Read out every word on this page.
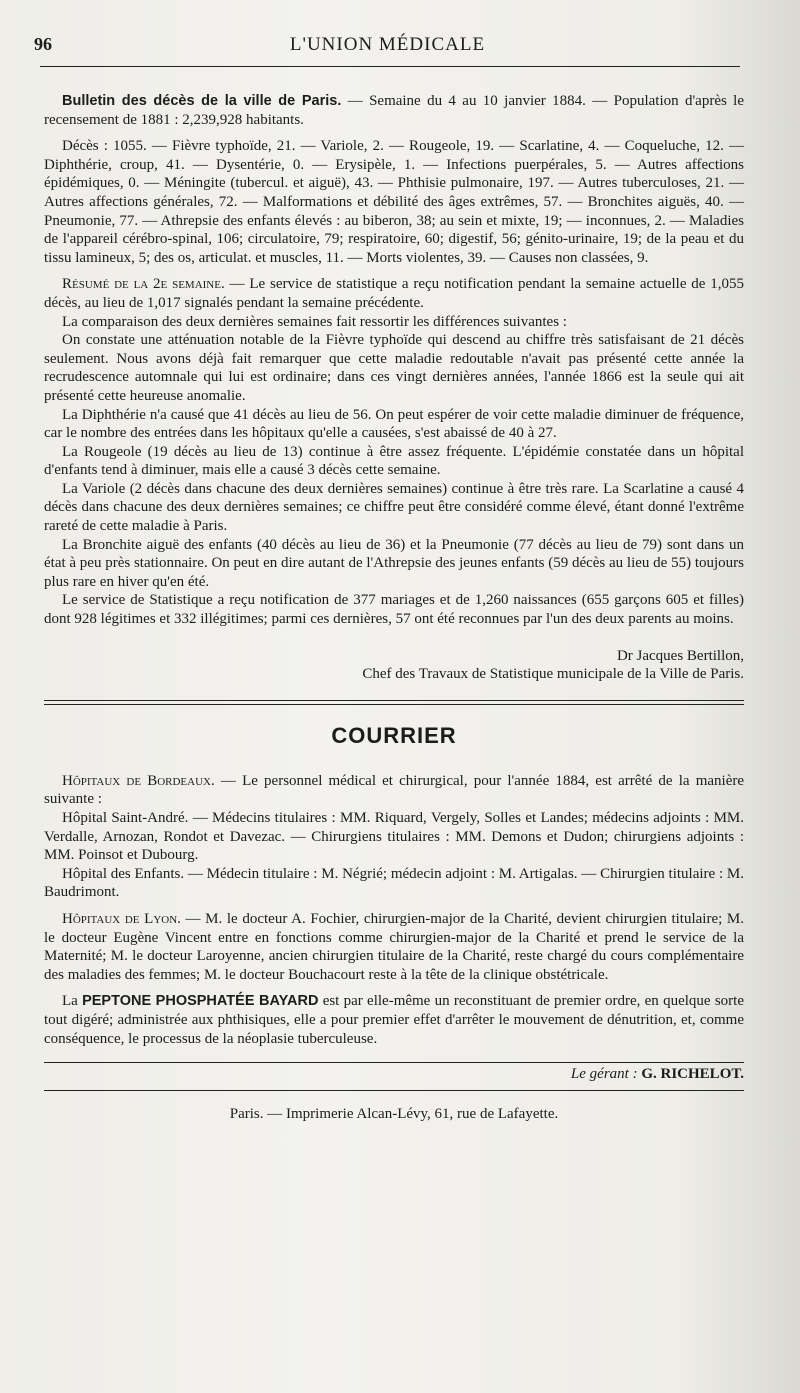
96	L'UNION MÉDICALE

Bulletin des décès de la ville de Paris. — Semaine du 4 au 10 janvier 1884. — Population d'après le recensement de 1881 : 2,239,928 habitants.

Décès : 1055. — Fièvre typhoïde, 21. — Variole, 2. — Rougeole, 19. — Scarlatine, 4. — Coqueluche, 12. — Diphthérie, croup, 41. — Dysentérie, 0. — Erysipèle, 1. — Infections puerpérales, 5. — Autres affections épidémiques, 0. — Méningite (tubercul. et aiguë), 43. — Phthisie pulmonaire, 197. — Autres tuberculoses, 21. — Autres affections générales, 72. — Malformations et débilité des âges extrêmes, 57. — Bronchites aiguës, 40. — Pneumonie, 77. — Athrepsie des enfants élevés : au biberon, 38; au sein et mixte, 19; — inconnues, 2. — Maladies de l'appareil cérébro-spinal, 106; circulatoire, 79; respiratoire, 60; digestif, 56; génito-urinaire, 19; de la peau et du tissu lamineux, 5; des os, articulat. et muscles, 11. — Morts violentes, 39. — Causes non classées, 9.

Résumé de la 2e semaine. — Le service de statistique a reçu notification pendant la semaine actuelle de 1,055 décès, au lieu de 1,017 signalés pendant la semaine précédente.

La comparaison des deux dernières semaines fait ressortir les différences suivantes :

On constate une atténuation notable de la Fièvre typhoïde qui descend au chiffre très satisfaisant de 21 décès seulement. Nous avons déjà fait remarquer que cette maladie redoutable n'avait pas présenté cette année la recrudescence automnale qui lui est ordinaire; dans ces vingt dernières années, l'année 1866 est la seule qui ait présenté cette heureuse anomalie.

La Diphthérie n'a causé que 41 décès au lieu de 56. On peut espérer de voir cette maladie diminuer de fréquence, car le nombre des entrées dans les hôpitaux qu'elle a causées, s'est abaissé de 40 à 27.

La Rougeole (19 décès au lieu de 13) continue à être assez fréquente. L'épidémie constatée dans un hôpital d'enfants tend à diminuer, mais elle a causé 3 décès cette semaine.

La Variole (2 décès dans chacune des deux dernières semaines) continue à être très rare. La Scarlatine a causé 4 décès dans chacune des deux dernières semaines; ce chiffre peut être considéré comme élevé, étant donné l'extrême rareté de cette maladie à Paris.

La Bronchite aiguë des enfants (40 décès au lieu de 36) et la Pneumonie (77 décès au lieu de 79) sont dans un état à peu près stationnaire. On peut en dire autant de l'Athrepsie des jeunes enfants (59 décès au lieu de 55) toujours plus rare en hiver qu'en été.

Le service de Statistique a reçu notification de 377 mariages et de 1,260 naissances (655 garçons 605 et filles) dont 928 légitimes et 332 illégitimes; parmi ces dernières, 57 ont été reconnues par l'un des deux parents au moins.

Dr Jacques Bertillon,

Chef des Travaux de Statistique municipale de la Ville de Paris.

COURRIER

Hôpitaux de Bordeaux. — Le personnel médical et chirurgical, pour l'année 1884, est arrêté de la manière suivante :

Hôpital Saint-André. — Médecins titulaires : MM. Riquard, Vergely, Solles et Landes; médecins adjoints : MM. Verdalle, Arnozan, Rondot et Davezac. — Chirurgiens titulaires : MM. Demons et Dudon; chirurgiens adjoints : MM. Poinsot et Dubourg.

Hôpital des Enfants. — Médecin titulaire : M. Négrié; médecin adjoint : M. Artigalas. — Chirurgien titulaire : M. Baudrimont.

Hôpitaux de Lyon. — M. le docteur A. Fochier, chirurgien-major de la Charité, devient chirurgien titulaire; M. le docteur Eugène Vincent entre en fonctions comme chirurgien-major de la Charité et prend le service de la Maternité; M. le docteur Laroyenne, ancien chirurgien titulaire de la Charité, reste chargé du cours complémentaire des maladies des femmes; M. le docteur Bouchacourt reste à la tête de la clinique obstétricale.

La PEPTONE PHOSPHATÉE BAYARD est par elle-même un reconstituant de premier ordre, en quelque sorte tout digéré; administrée aux phthisiques, elle a pour premier effet d'arrêter le mouvement de dénutrition, et, comme conséquence, le processus de la néoplasie tuberculeuse.

Le gérant : G. RICHELOT.

Paris. — Imprimerie Alcan-Lévy, 61, rue de Lafayette.
